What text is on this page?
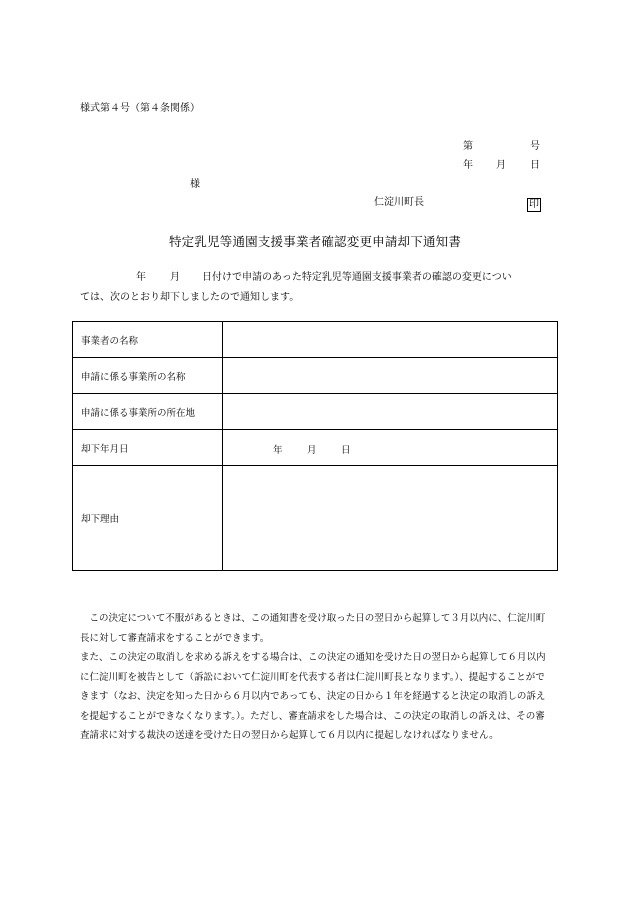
様式第４号（第４条関係）
第	号
年 月 日
様
仁淀川町長	印
特定乳児等通園支援事業者確認変更申請却下通知書
年 月 日付けで申請のあった特定乳児等通園支援事業者の確認の変更につい
ては、次のとおり却下しましたので通知します。
事業者の名称	
申請に係る事業所の名称	
申請に係る事業所の所在地	
却下年月日	年 月 日

却下理由	

　この決定について不服があるときは、この通知書を受け取った日の翌日から起算して３月以内に、仁淀川町長に対して審査請求をすることができます。

また、この決定の取消しを求める訴えをする場合は、この決定の通知を受けた日の翌日から起算して６月以内に仁淀川町を被告として（訴訟において仁淀川町を代表する者は仁淀川町長となります。）、提起することができます（なお、決定を知った日から６月以内であっても、決定の日から１年を経過すると決定の取消しの訴えを提起することができなくなります。）。ただし、審査請求をした場合は、この決定の取消しの訴えは、その審査請求に対する裁決の送達を受けた日の翌日から起算して６月以内に提起しなければなりません。
